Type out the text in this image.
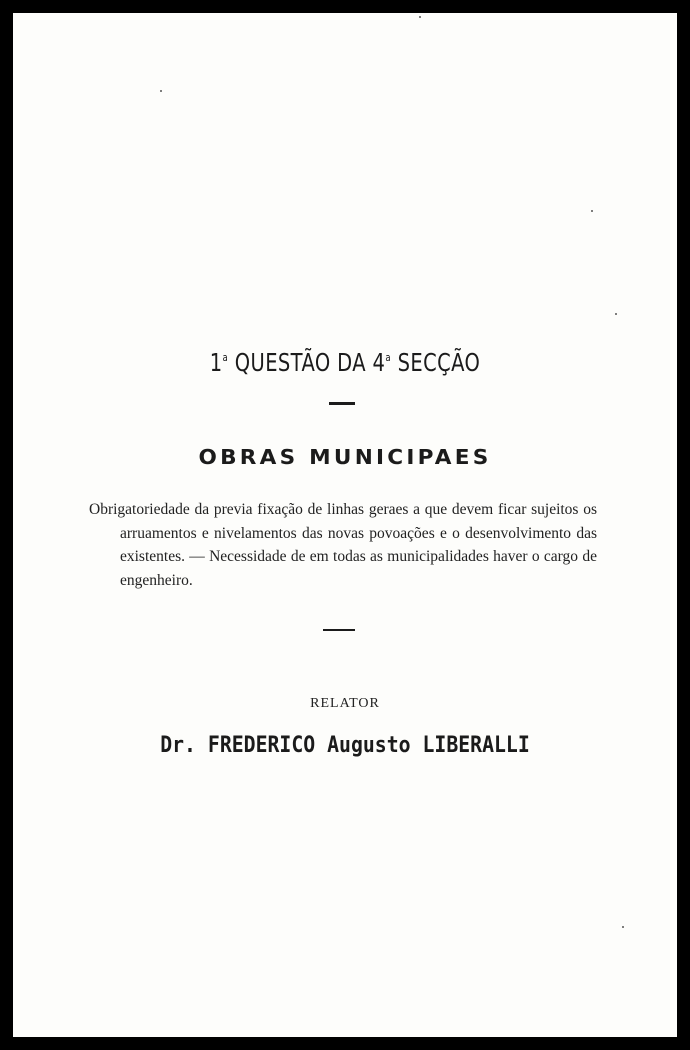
1$^a$ QUESTÃO DA 4$^a$ SECÇÃO
OBRAS MUNICIPAES
Obrigatoriedade da previa fixação de linhas geraes a que devem ficar sujeitos os arruamentos e nivelamentos das novas povoações e o desenvolvimento das existentes. — Necessidade de em todas as municipalidades haver o cargo de engenheiro.
RELATOR
Dr. FREDERICO Augusto LIBERALLI
